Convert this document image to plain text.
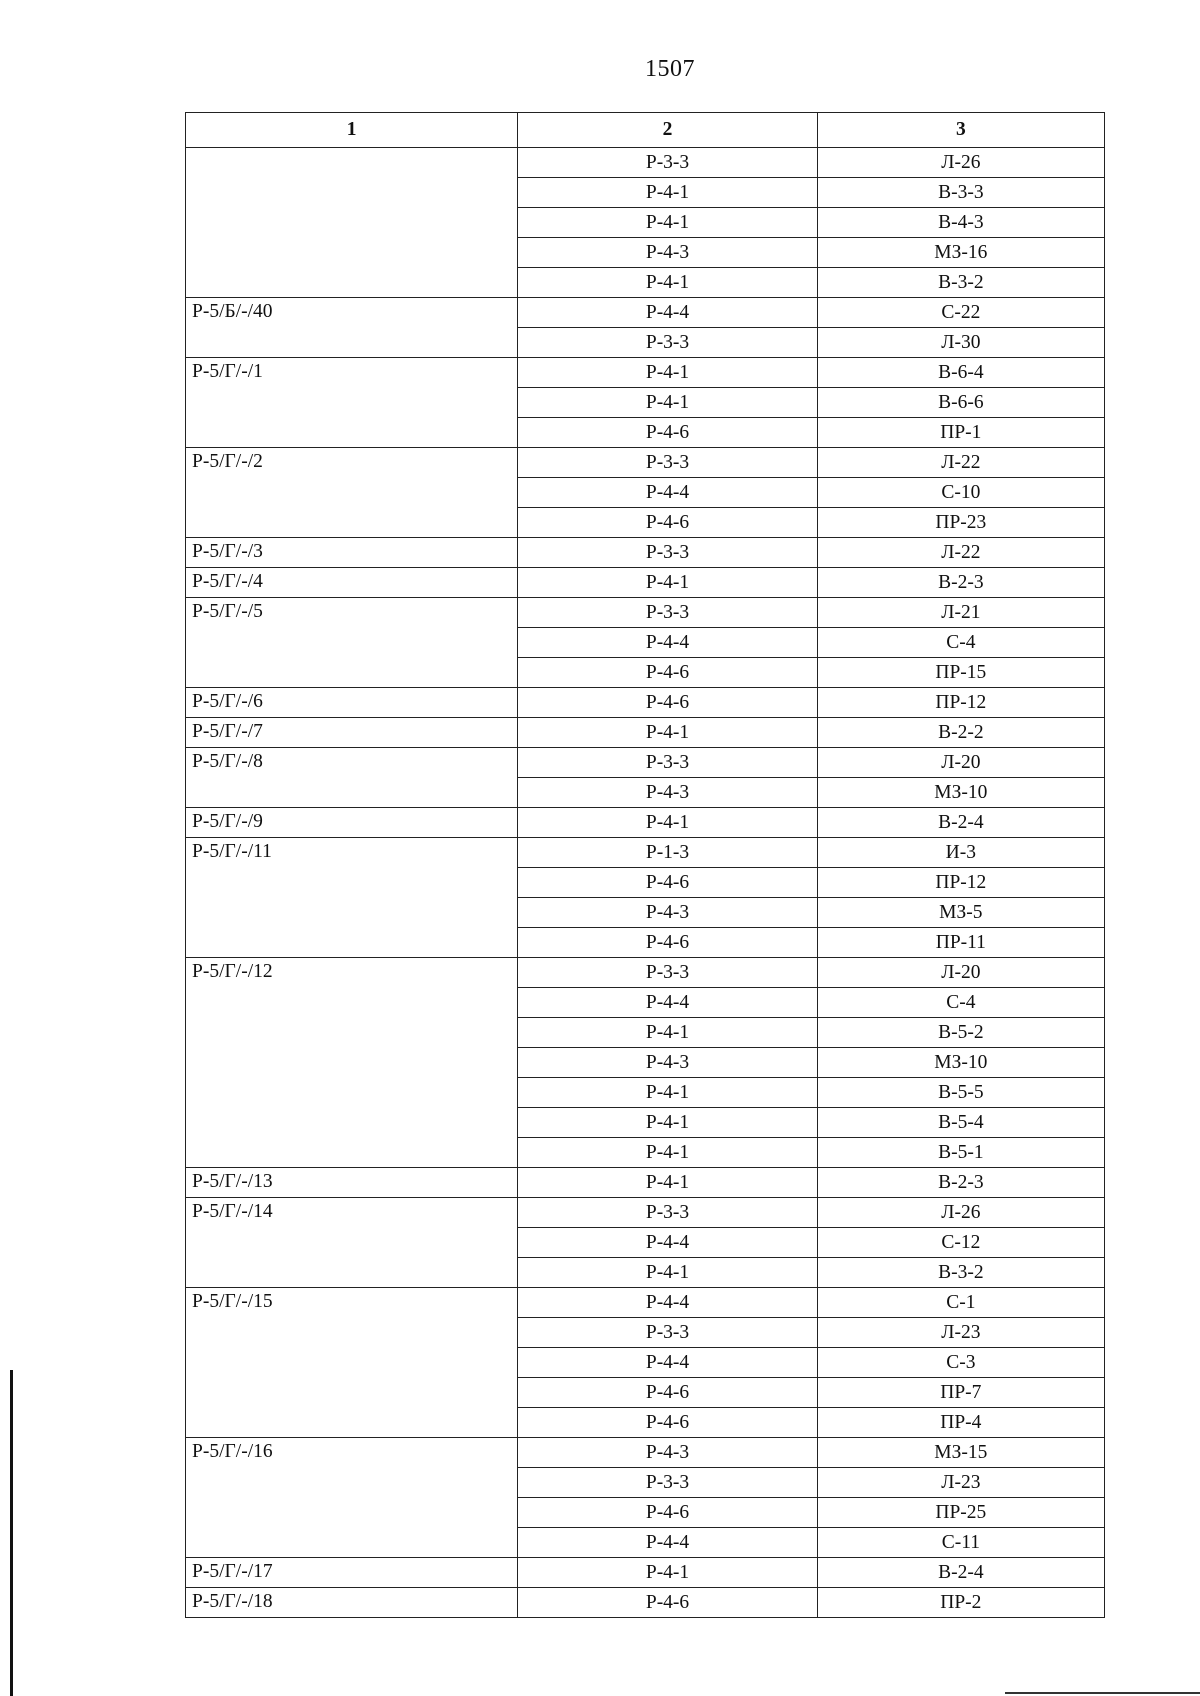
1507
1	2	3
	Р-3-3	Л-26
	Р-4-1	В-3-3
	Р-4-1	В-4-3
	Р-4-3	МЗ-16
	Р-4-1	В-3-2
Р-5/Б/-/40	Р-4-4	С-22
	Р-3-3	Л-30
Р-5/Г/-/1	Р-4-1	В-6-4
	Р-4-1	В-6-6
	Р-4-6	ПР-1
Р-5/Г/-/2	Р-3-3	Л-22
	Р-4-4	С-10
	Р-4-6	ПР-23
Р-5/Г/-/3	Р-3-3	Л-22
Р-5/Г/-/4	Р-4-1	В-2-3
Р-5/Г/-/5	Р-3-3	Л-21
	Р-4-4	С-4
	Р-4-6	ПР-15
Р-5/Г/-/6	Р-4-6	ПР-12
Р-5/Г/-/7	Р-4-1	В-2-2
Р-5/Г/-/8	Р-3-3	Л-20
	Р-4-3	МЗ-10
Р-5/Г/-/9	Р-4-1	В-2-4
Р-5/Г/-/11	Р-1-3	И-3
	Р-4-6	ПР-12
	Р-4-3	МЗ-5
	Р-4-6	ПР-11
Р-5/Г/-/12	Р-3-3	Л-20
	Р-4-4	С-4
	Р-4-1	В-5-2
	Р-4-3	МЗ-10
	Р-4-1	В-5-5
	Р-4-1	В-5-4
	Р-4-1	В-5-1
Р-5/Г/-/13	Р-4-1	В-2-3
Р-5/Г/-/14	Р-3-3	Л-26
	Р-4-4	С-12
	Р-4-1	В-3-2
Р-5/Г/-/15	Р-4-4	С-1
	Р-3-3	Л-23
	Р-4-4	С-3
	Р-4-6	ПР-7
	Р-4-6	ПР-4
Р-5/Г/-/16	Р-4-3	МЗ-15
	Р-3-3	Л-23
	Р-4-6	ПР-25
	Р-4-4	С-11
Р-5/Г/-/17	Р-4-1	В-2-4
Р-5/Г/-/18	Р-4-6	ПР-2
